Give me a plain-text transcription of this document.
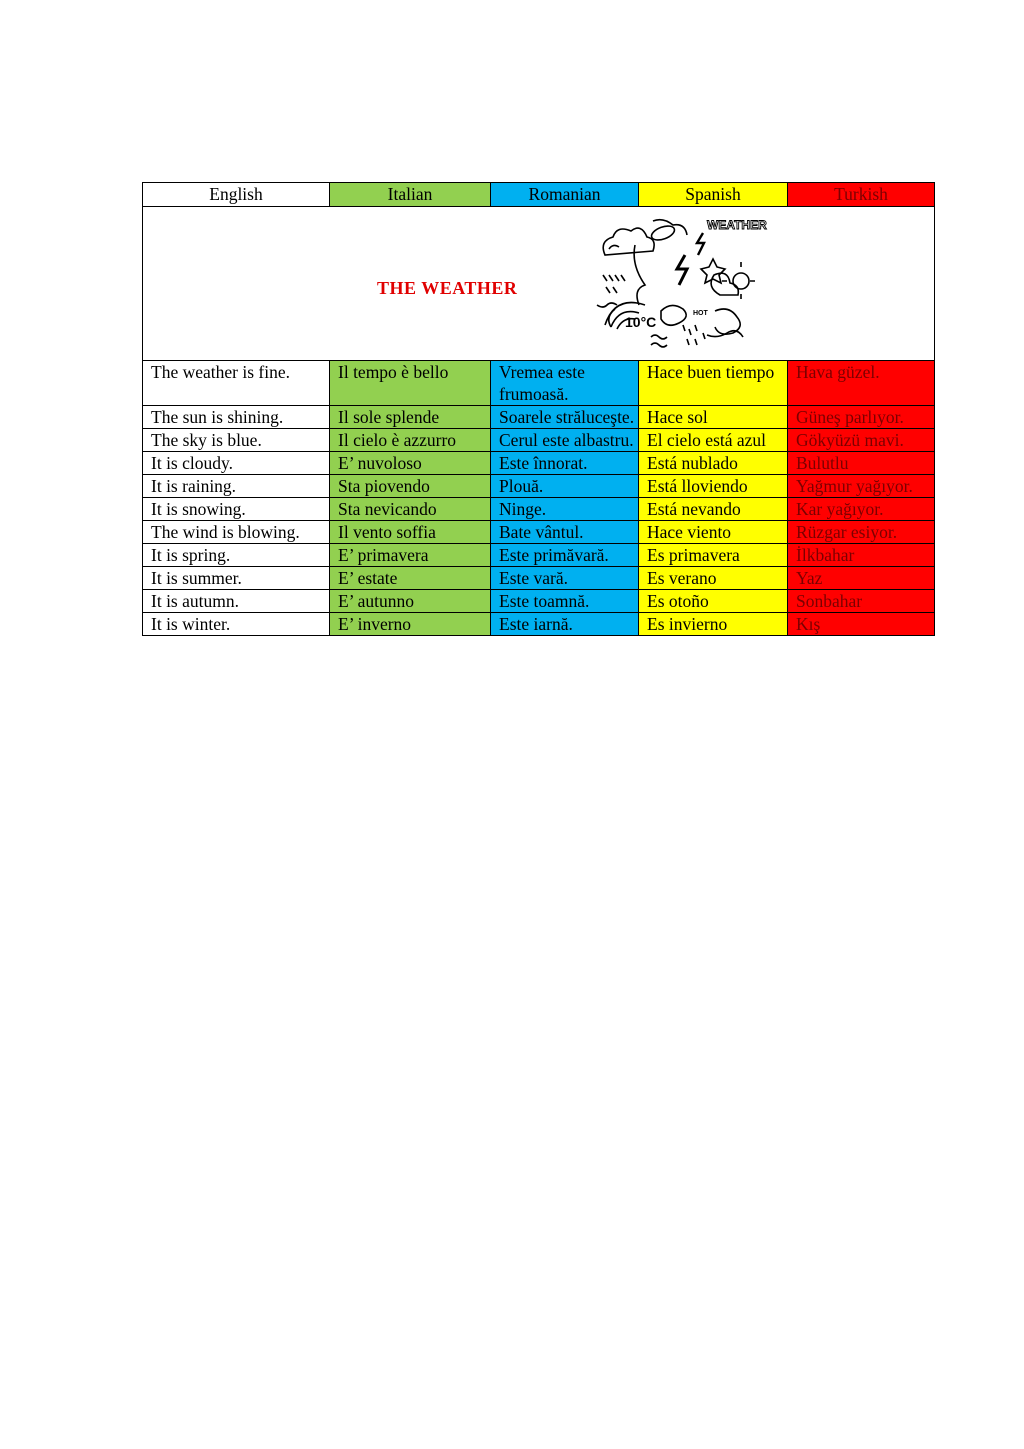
English	Italian	Romanian	Spanish	Turkish

THE WEATHER
WEATHER
10°C
HOT				

The weather is fine.	Il tempo è bello	Vremea este frumoasă.	Hace buen tiempo	Hava güzel.
The sun is shining.	Il sole splende	Soarele străluceşte.	Hace sol	Güneş parlıyor.
The sky is blue.	Il cielo è azzurro	Cerul este albastru.	El cielo está azul	Gökyüzü mavi.
It is cloudy.	E’ nuvoloso	Este înnorat.	Está nublado	Bulutlu
It is raining.	Sta piovendo	Plouă.	Está lloviendo	Yağmur yağıyor.
It is snowing.	Sta nevicando	Ninge.	Está nevando	Kar yağıyor.
The wind is blowing.	Il vento soffia	Bate vântul.	Hace viento	Rüzgar esiyor.
It is spring.	E’ primavera	Este primăvară.	Es primavera	İlkbahar
It is summer.	E’ estate	Este vară.	Es verano	Yaz
It is autumn.	E’ autunno	Este toamnă.	Es otoño	Sonbahar
It is winter.	E’ inverno	Este iarnă.	Es invierno	Kış
